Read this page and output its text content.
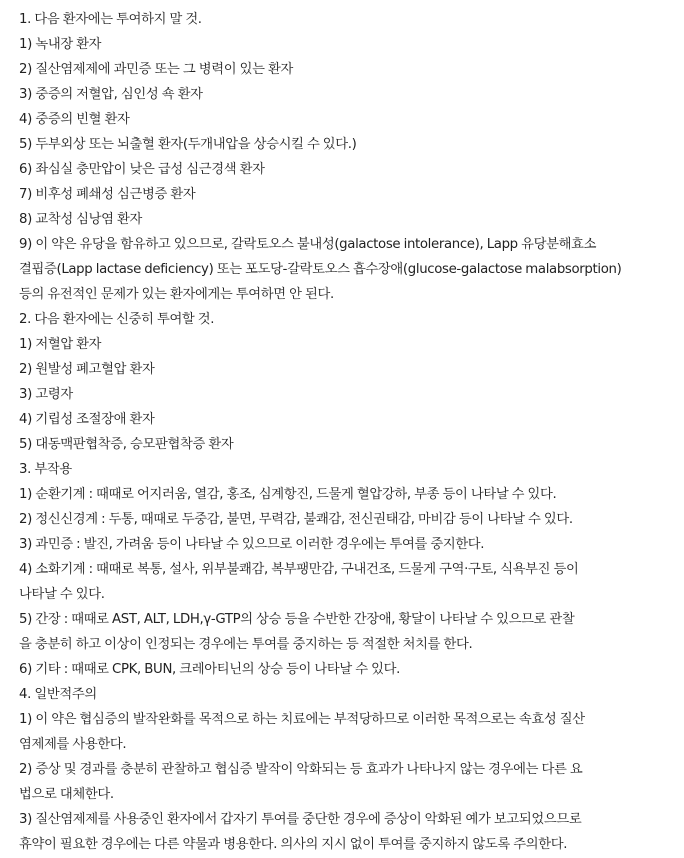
1. 다음 환자에는 투여하지 말 것.
1) 녹내장 환자
2) 질산염제제에 과민증 또는 그 병력이 있는 환자
3) 중증의 저혈압, 심인성 쇽 환자
4) 중증의 빈혈 환자
5) 두부외상 또는 뇌출혈 환자(두개내압을 상승시킬 수 있다.)
6) 좌심실 충만압이 낮은 급성 심근경색 환자
7) 비후성 폐쇄성 심근병증 환자
8) 교착성 심낭염 환자
9) 이 약은 유당을 함유하고 있으므로, 갈락토오스 불내성(galactose intolerance), Lapp 유당분해효소
결핍증(Lapp lactase deficiency) 또는 포도당-갈락토오스 흡수장애(glucose-galactose malabsorption)
등의 유전적인 문제가 있는 환자에게는 투여하면 안 된다.
2. 다음 환자에는 신중히 투여할 것.
1) 저혈압 환자
2) 원발성 폐고혈압 환자
3) 고령자
4) 기립성 조절장애 환자
5) 대동맥판협착증, 승모판협착증 환자
3. 부작용
1) 순환기계 : 때때로 어지러움, 열감, 홍조, 심계항진, 드물게 혈압강하, 부종 등이 나타날 수 있다.
2) 정신신경계 : 두통, 때때로 두중감, 불면, 무력감, 불쾌감, 전신권태감, 마비감 등이 나타날 수 있다.
3) 과민증 : 발진, 가려움 등이 나타날 수 있으므로 이러한 경우에는 투여를 중지한다.
4) 소화기계 : 때때로 복통, 설사, 위부불쾌감, 복부팽만감, 구내건조, 드물게 구역·구토, 식욕부진 등이
나타날 수 있다.
5) 간장 : 때때로 AST, ALT, LDH,γ-GTP의 상승 등을 수반한 간장애, 황달이 나타날 수 있으므로 관찰
을 충분히 하고 이상이 인정되는 경우에는 투여를 중지하는 등 적절한 처치를 한다.
6) 기타 : 때때로 CPK, BUN, 크레아티닌의 상승 등이 나타날 수 있다.
4. 일반적주의
1) 이 약은 협심증의 발작완화를 목적으로 하는 치료에는 부적당하므로 이러한 목적으로는 속효성 질산
염제제를 사용한다.
2) 증상 및 경과를 충분히 관찰하고 협심증 발작이 악화되는 등 효과가 나타나지 않는 경우에는 다른 요
법으로 대체한다.
3) 질산염제제를 사용중인 환자에서 갑자기 투여를 중단한 경우에 증상이 악화된 예가 보고되었으므로
휴약이 필요한 경우에는 다른 약물과 병용한다. 의사의 지시 없이 투여를 중지하지 않도록 주의한다.
